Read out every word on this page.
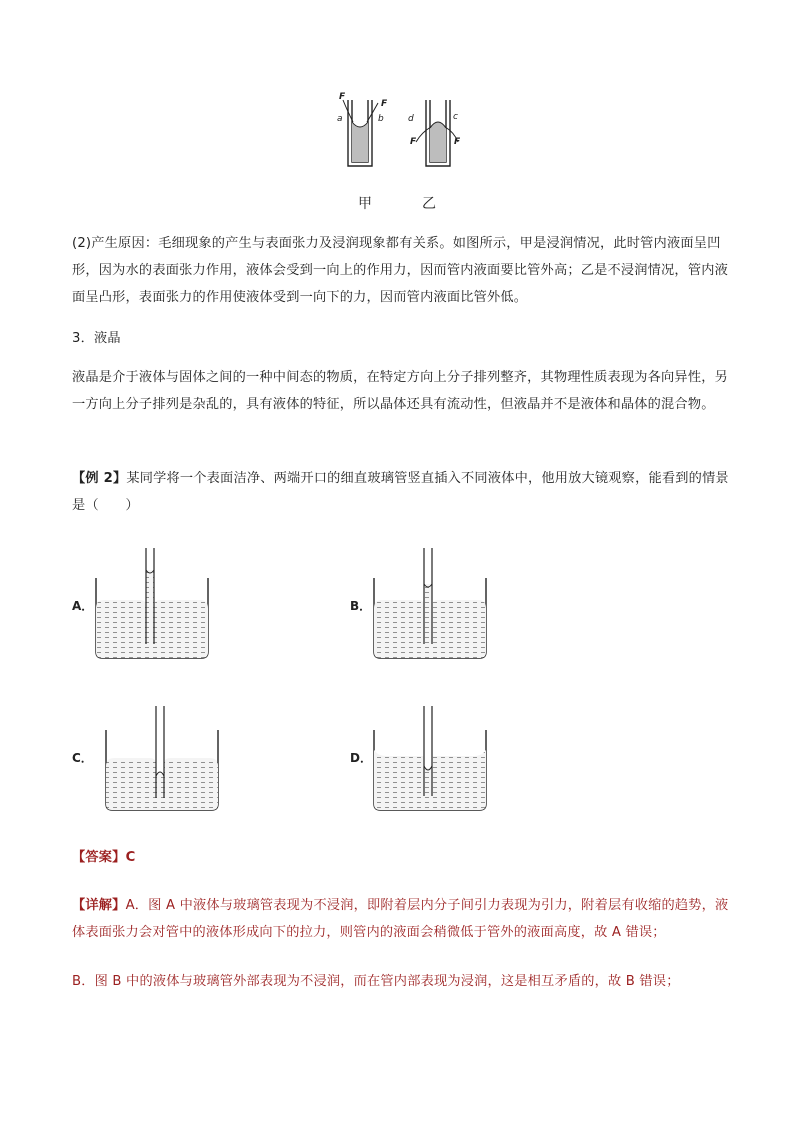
F
a
F
b	d	c
F	F
甲	乙
(2)产生原因：毛细现象的产生与表面张力及浸润现象都有关系。如图所示，甲是浸润情况，此时管内液面呈凹形，因为水的表面张力作用，液体会受到一向上的作用力，因而管内液面要比管外高；乙是不浸润情况，管内液面呈凸形，表面张力的作用使液体受到一向下的力，因而管内液面比管外低。
3．液晶
液晶是介于液体与固体之间的一种中间态的物质，在特定方向上分子排列整齐，其物理性质表现为各向异性，另一方向上分子排列是杂乱的，具有液体的特征，所以晶体还具有流动性，但液晶并不是液体和晶体的混合物。
【例 2】某同学将一个表面洁净、两端开口的细直玻璃管竖直插入不同液体中，他用放大镜观察，能看到的情景是（　　）
A．	B．
C．	D．
【答案】C
【详解】A．图 A 中液体与玻璃管表现为不浸润，即附着层内分子间引力表现为引力，附着层有收缩的趋势，液体表面张力会对管中的液体形成向下的拉力，则管内的液面会稍微低于管外的液面高度，故 A 错误；
B．图 B 中的液体与玻璃管外部表现为不浸润，而在管内部表现为浸润，这是相互矛盾的，故 B 错误；
